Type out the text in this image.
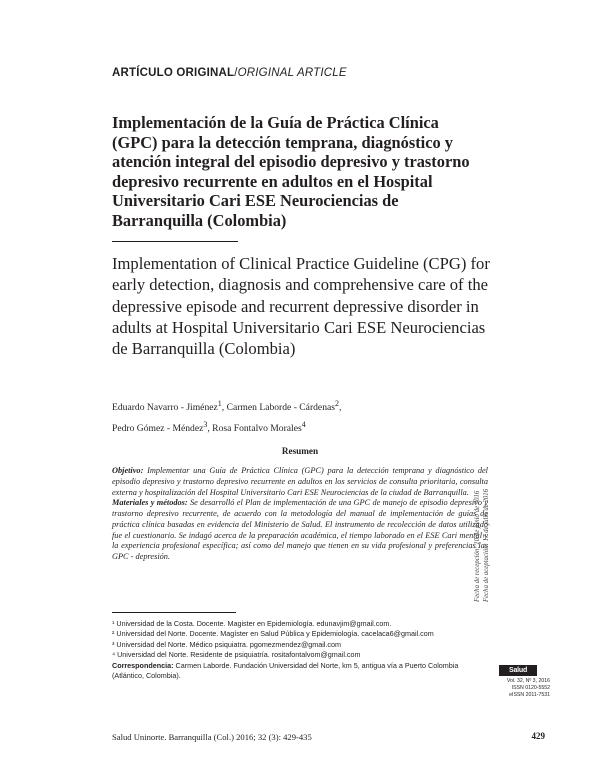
ARTÍCULO ORIGINAL/ORIGINAL ARTICLE
Implementación de la Guía de Práctica Clínica (GPC) para la detección temprana, diagnóstico y atención integral del episodio depresivo y trastorno depresivo recurrente en adultos en el Hospital Universitario Cari ESE Neurociencias de Barranquilla (Colombia)
Implementation of Clinical Practice Guideline (CPG) for early detection, diagnosis and comprehensive care of the depressive episode and recurrent depressive disorder in adults at Hospital Universitario Cari ESE Neurociencias de Barranquilla (Colombia)
Eduardo Navarro - Jiménez$^1$, Carmen Laborde - Cárdenas$^2$,
Pedro Gómez - Méndez$^3$, Rosa Fontalvo Morales$^4$
Resumen

Objetivo: Implementar una Guía de Práctica Clínica (GPC) para la detección temprana y diagnóstico del episodio depresivo y trastorno depresivo recurrente en adultos en los servicios de consulta prioritaria, consulta externa y hospitalización del Hospital Universitario Cari ESE Neurociencias de la ciudad de Barranquilla.

Materiales y métodos: Se desarrolló el Plan de implementación de una GPC de manejo de episodio depresivo y trastorno depresivo recurrente, de acuerdo con la metodología del manual de implementación de guías de práctica clínica basadas en evidencia del Ministerio de Salud. El instrumento de recolección de datos utilizado fue el cuestionario. Se indagó acerca de la preparación académica, el tiempo laborado en el ESE Cari mental y la experiencia profesional específica; así como del manejo que tienen en su vida profesional y preferencias las GPC - depresión.	Fecha de recepción: 10 de junio de 2016 Fecha de aceptación: 17 de julio de 2016

¹ Universidad de la Costa. Docente. Magister en Epidemiología. edunavjim@gmail.com.

² Universidad del Norte. Docente. Magíster en Salud Pública y Epidemiología. cacelaca6@gmail.com

³ Universidad del Norte. Médico psiquiatra. pgomezmendez@gmail.com

⁴ Universidad del Norte. Residente de psiquiatría. rositafontalvom@gmail.com

Correspondencia: Carmen Laborde. Fundación Universidad del Norte, km 5, antigua vía a Puerto Colombia (Atlántico, Colombia).

Salud

Vol. 32, Nº 3, 2016

ISSN 0120-5552

eISSN 2011-7531

Salud Uninorte. Barranquilla (Col.) 2016; 32 (3): 429-435	429
